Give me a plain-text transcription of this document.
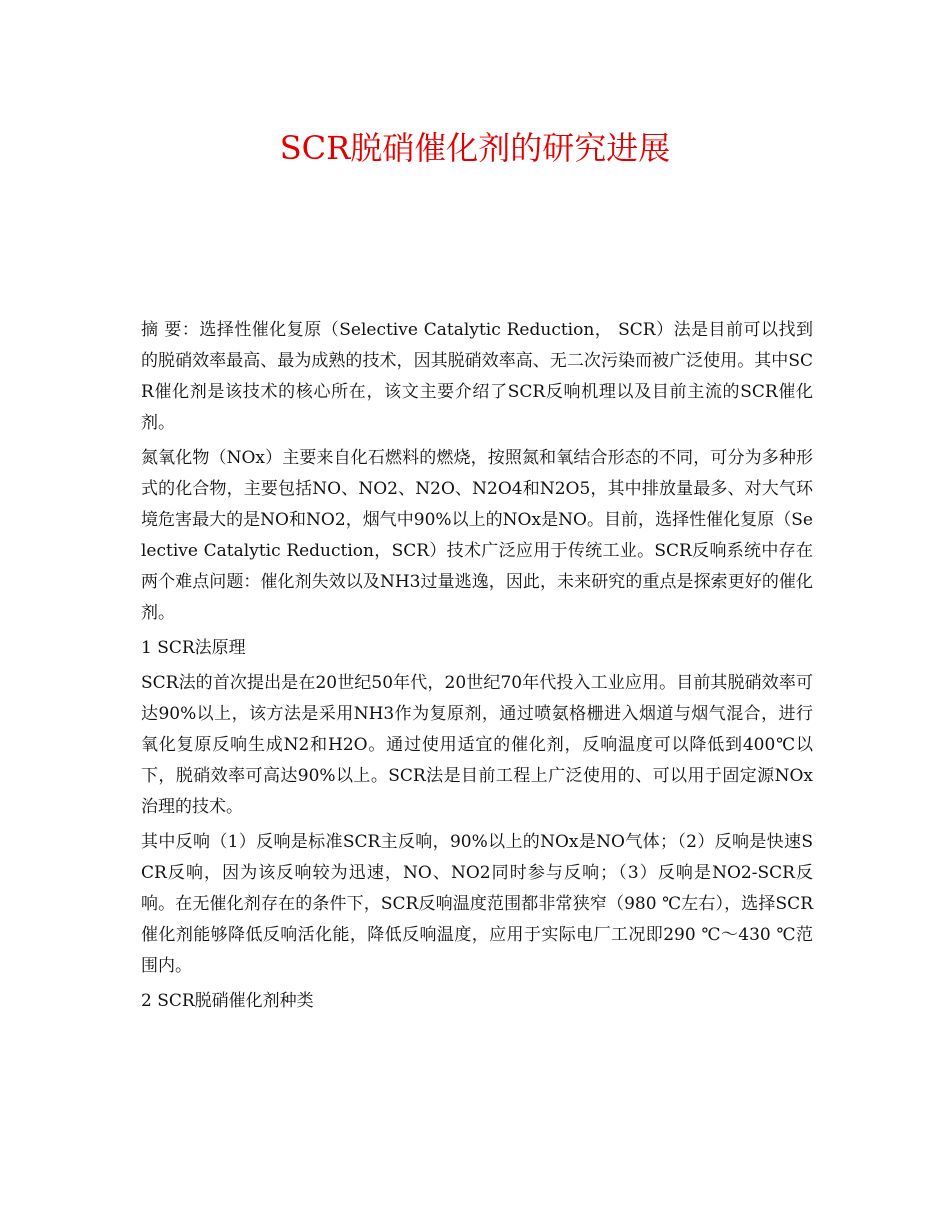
SCR脱硝催化剂的研究进展

摘 要：选择性催化复原（Selective Catalytic Reduction， SCR）法是目前可以找到的脱硝效率最高、最为成熟的技术，因其脱硝效率高、无二次污染而被广泛使用。其中SCR催化剂是该技术的核心所在，该文主要介绍了SCR反响机理以及目前主流的SCR催化剂。

氮氧化物（NOx）主要来自化石燃料的燃烧，按照氮和氧结合形态的不同，可分为多种形式的化合物，主要包括NO、NO2、N2O、N2O4和N2O5，其中排放量最多、对大气环境危害最大的是NO和NO2，烟气中90%以上的NOx是NO。目前，选择性催化复原（Selective Catalytic Reduction，SCR）技术广泛应用于传统工业。SCR反响系统中存在两个难点问题：催化剂失效以及NH3过量逃逸，因此，未来研究的重点是探索更好的催化剂。

1 SCR法原理

SCR法的首次提出是在20世纪50年代，20世纪70年代投入工业应用。目前其脱硝效率可达90%以上，该方法是采用NH3作为复原剂，通过喷氨格栅进入烟道与烟气混合，进行氧化复原反响生成N2和H2O。通过使用适宜的催化剂，反响温度可以降低到400℃以下，脱硝效率可高达90%以上。SCR法是目前工程上广泛使用的、可以用于固定源NOx治理的技术。

其中反响（1）反响是标准SCR主反响，90%以上的NOx是NO气体；（2）反响是快速SCR反响，因为该反响较为迅速，NO、NO2同时参与反响；（3）反响是NO2-SCR反响。在无催化剂存在的条件下，SCR反响温度范围都非常狭窄（980 ℃左右），选择SCR催化剂能够降低反响活化能，降低反响温度，应用于实际电厂工况即290 ℃～430 ℃范围内。

2 SCR脱硝催化剂种类
